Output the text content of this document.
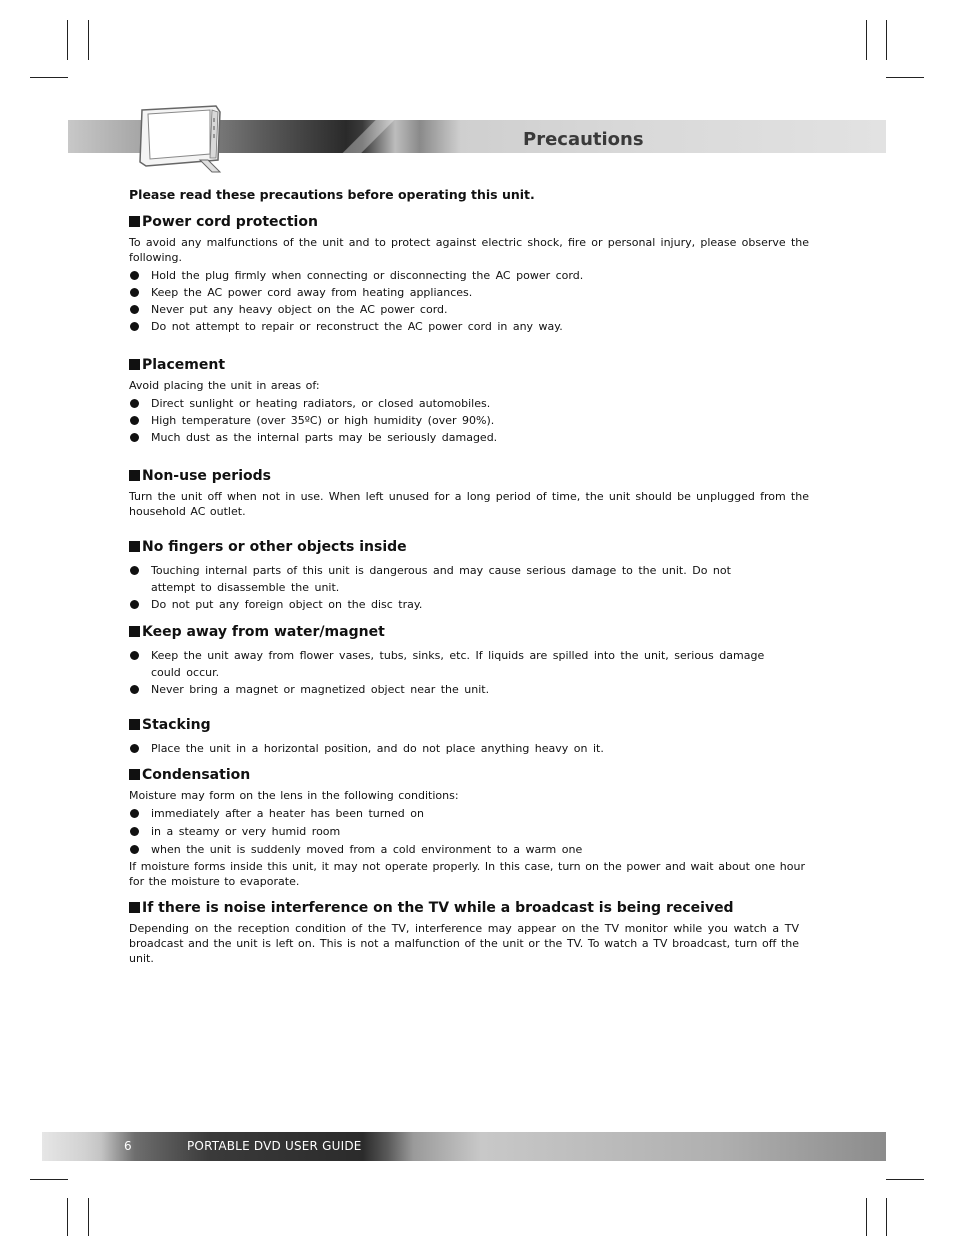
Precautions
Please read these precautions before operating this unit.
Power cord protection

To avoid any malfunctions of the unit and to protect against electric shock, fire or personal injury, please observe the following.

Hold the plug firmly when connecting or disconnecting the AC power cord.
Keep the AC power cord away from heating appliances.
Never put any heavy object on the AC power cord.
Do not attempt to repair or reconstruct the AC power cord in any way.
Placement

Avoid placing the unit in areas of:

Direct sunlight or heating radiators, or closed automobiles.
High temperature (over 35ºC) or high humidity (over 90%).
Much dust as the internal parts may be seriously damaged.
Non-use periods

Turn the unit off when not in use. When left unused for a long period of time, the unit should be unplugged from the household AC outlet.

No fingers or other objects inside
Touching internal parts of this unit is dangerous and may cause serious damage to the unit. Do not attempt to disassemble the unit.
Do not put any foreign object on the disc tray.
Keep away from water/magnet
Keep the unit away from flower vases, tubs, sinks, etc. If liquids are spilled into the unit, serious damage could occur.
Never bring a magnet or magnetized object near the unit.
Stacking
Place the unit in a horizontal position, and do not place anything heavy on it.
Condensation

Moisture may form on the lens in the following conditions:

immediately after a heater has been turned on
in a steamy or very humid room
when the unit is suddenly moved from a cold environment to a warm one

If moisture forms inside this unit, it may not operate properly. In this case, turn on the power and wait about one hour for the moisture to evaporate.

If there is noise interference on the TV while a broadcast is being received

Depending on the reception condition of the TV, interference may appear on the TV monitor while you watch a TV broadcast and the unit is left on. This is not a malfunction of the unit or the TV. To watch a TV broadcast, turn off the unit.

6	PORTABLE DVD USER GUIDE
